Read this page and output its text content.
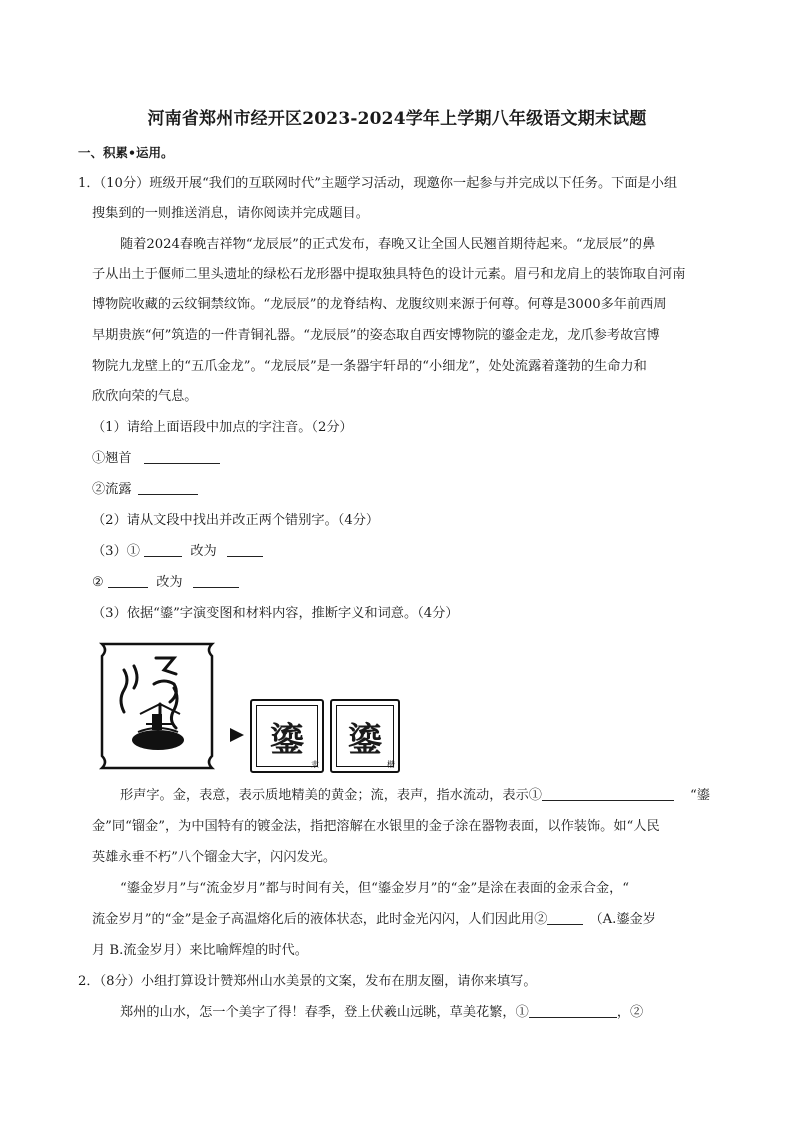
河南省郑州市经开区2023-2024学年上学期八年级语文期末试题
一、积累•运用。
1．（10分）班级开展“我们的互联网时代”主题学习活动，现邀你一起参与并完成以下任务。下面是小组
搜集到的一则推送消息，请你阅读并完成题目。
随着2024春晚吉祥物“龙辰辰”的正式发布，春晚又让全国人民翘首期待起来。“龙辰辰”的鼻
子从出土于偃师二里头遗址的绿松石龙形器中提取独具特色的设计元素。眉弓和龙肩上的装饰取自河南
博物院收藏的云纹铜禁纹饰。“龙辰辰”的龙脊结构、龙腹纹则来源于何尊。何尊是3000多年前西周
早期贵族“何”筑造的一件青铜礼器。“龙辰辰”的姿态取自西安博物院的鎏金走龙，龙爪参考故宫博
物院九龙壁上的“五爪金龙”。“龙辰辰”是一条器宇轩昂的“小细龙”，处处流露着蓬勃的生命力和
欣欣向荣的气息。
（1）请给上面语段中加点的字注音。（2分）
①翘首
②流露
（2）请从文段中找出并改正两个错别字。（4分）
（3）①	改为
②	改为
（3）依据“鎏”字演变图和材料内容，推断字义和词意。（4分）
鎏
隶
鎏
楷
形声字。金，表意，表示质地精美的黄金；流，表声，指水流动，表示①	“鎏
金”同“镏金”，为中国特有的镀金法，指把溶解在水银里的金子涂在器物表面，以作装饰。如“人民
英雄永垂不朽”八个镏金大字，闪闪发光。
“鎏金岁月”与“流金岁月”都与时间有关，但“鎏金岁月”的“金”是涂在表面的金汞合金，“
流金岁月”的“金”是金子高温熔化后的液体状态，此时金光闪闪，人们因此用②	（A.鎏金岁
月 B.流金岁月）来比喻辉煌的时代。
2．（8分）小组打算设计赞郑州山水美景的文案，发布在朋友圈，请你来填写。
郑州的山水，怎一个美字了得！春季，登上伏羲山远眺，草美花繁，①	，②
